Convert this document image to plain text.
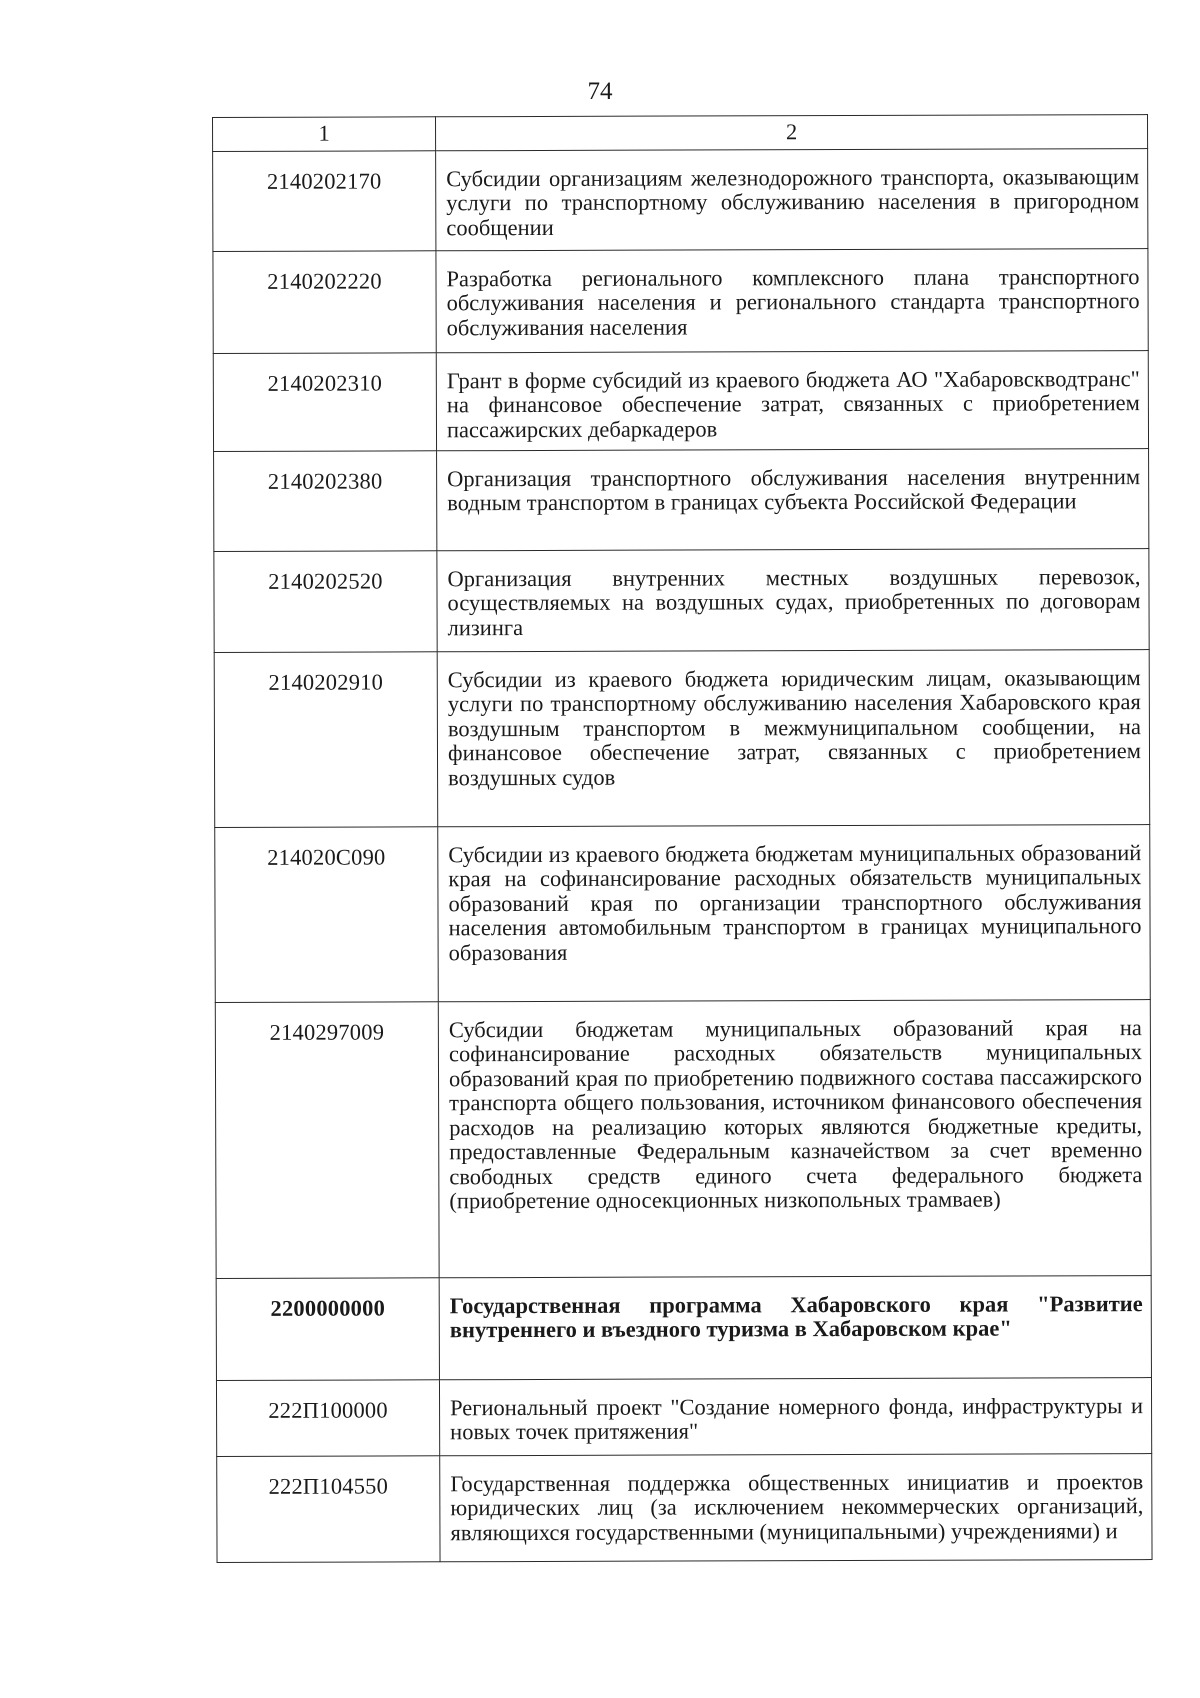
74
1	2
2140202170	Субсидии организациям железнодорожного транспорта, оказывающим услуги по транспортному обслуживанию населения в пригородном сообщении
2140202220	Разработка регионального комплексного плана транспортного обслуживания населения и регионального стандарта транспортного обслуживания населения
2140202310	Грант в форме субсидий из краевого бюджета АО "Хабаровскводтранс" на финансовое обеспечение затрат, связанных с приобретением пассажирских дебаркадеров
2140202380	Организация транспортного обслуживания населения внутренним водным транспортом в границах субъекта Российской Федерации
2140202520	Организация внутренних местных воздушных перевозок, осуществляемых на воздушных судах, приобретенных по договорам лизинга
2140202910	Субсидии из краевого бюджета юридическим лицам, оказывающим услуги по транспортному обслуживанию населения Хабаровского края воздушным транспортом в межмуниципальном сообщении, на финансовое обеспечение затрат, связанных с приобретением воздушных судов
214020С090	Субсидии из краевого бюджета бюджетам муниципальных образований края на софинансирование расходных обязательств муниципальных образований края по организации транспортного обслуживания населения автомобильным транспортом в границах муниципального образования
2140297009	Субсидии бюджетам муниципальных образований края на софинансирование расходных обязательств муниципальных образований края по приобретению подвижного состава пассажирского транспорта общего пользования, источником финансового обеспечения расходов на реализацию которых являются бюджетные кредиты, предоставленные Федеральным казначейством за счет временно свободных средств единого счета федерального бюджета (приобретение односекционных низкопольных трамваев)
2200000000	Государственная программа Хабаровского края "Развитие внутреннего и въездного туризма в Хабаровском крае"
222П100000	Региональный проект "Создание номерного фонда, инфраструктуры и новых точек притяжения"
222П104550	Государственная поддержка общественных инициатив и проектов юридических лиц (за исключением некоммерческих организаций, являющихся государственными (муниципальными) учреждениями) и
